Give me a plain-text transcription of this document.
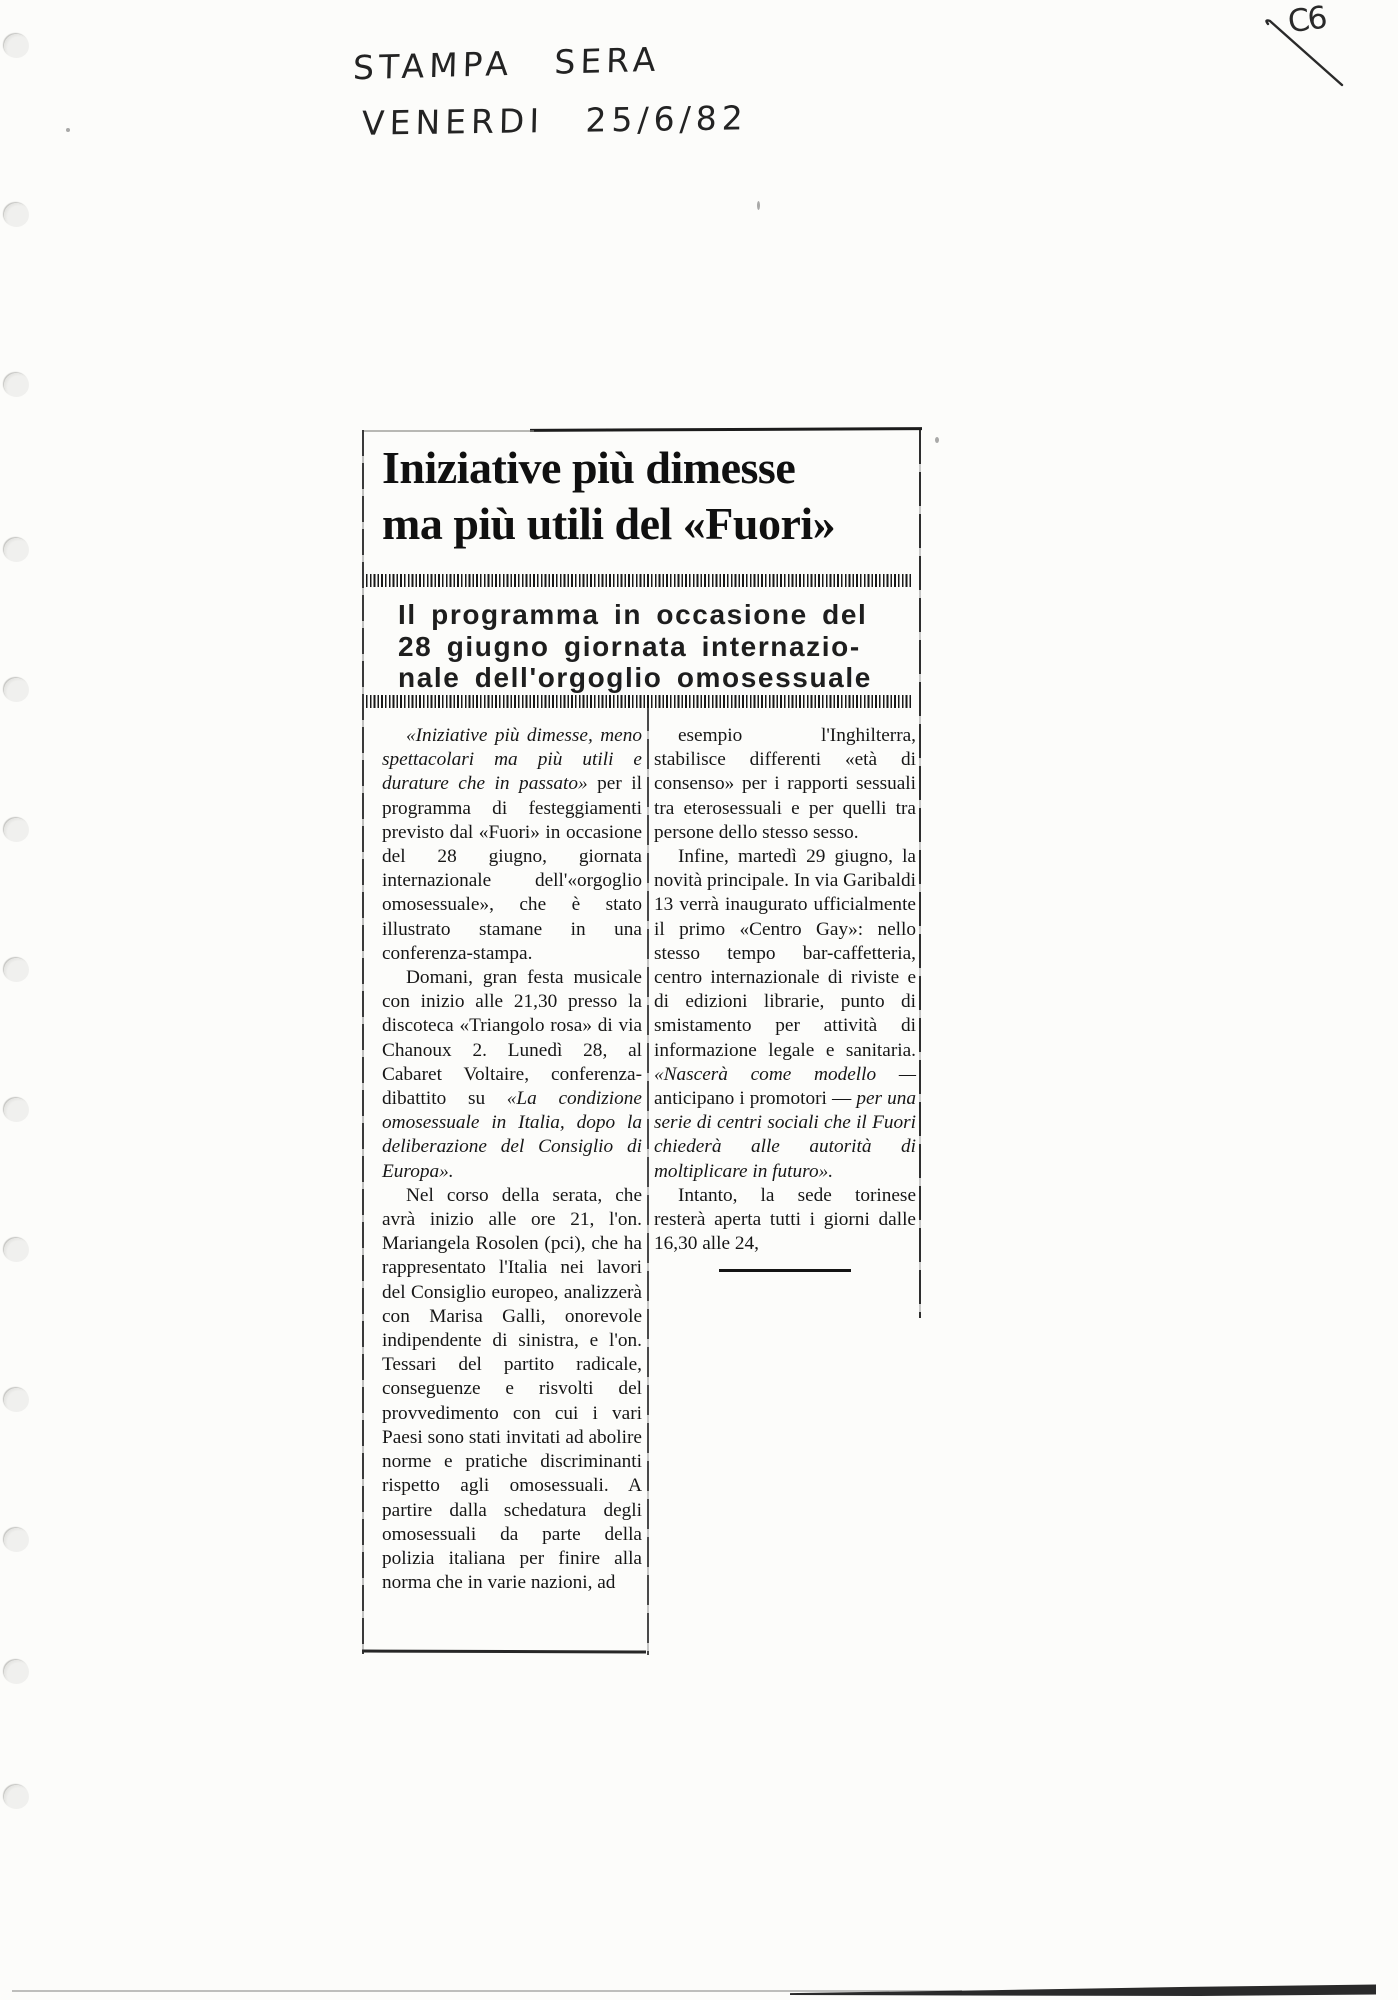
STAMPA SERA
VENERDI 25/6/82
C6
Iniziative più dimesse
ma più utili del «Fuori»
Il programma in occasione del
28 giugno giornata internazio-
nale dell'orgoglio omosessuale

«Iniziative più dimesse, meno spettacolari ma più utili e durature che in passato» per il programma di festeggiamenti previsto dal «Fuori» in occasione del 28 giugno, giornata internazionale dell'«orgoglio omosessuale», che è stato illustrato stamane in una conferenza-stampa.

Domani, gran festa musicale con inizio alle 21,30 presso la discoteca «Triangolo rosa» di via Chanoux 2. Lunedì 28, al Cabaret Voltaire, conferenza-dibattito su «La condizione omosessuale in Italia, dopo la deliberazione del Consiglio di Europa».

Nel corso della serata, che avrà inizio alle ore 21, l'on. Mariangela Rosolen (pci), che ha rappresentato l'Italia nei lavori del Consiglio europeo, analizzerà con Marisa Galli, onorevole indipendente di sinistra, e l'on. Tessari del partito radicale, conseguenze e risvolti del provvedimento con cui i vari Paesi sono stati invitati ad abolire norme e pratiche discriminanti rispetto agli omosessuali. A partire dalla schedatura degli omosessuali da parte della polizia italiana per finire alla norma che in varie nazioni, ad

esempio l'Inghilterra, stabilisce differenti «età di consenso» per i rapporti sessuali tra eterosessuali e per quelli tra persone dello stesso sesso.

Infine, martedì 29 giugno, la novità principale. In via Garibaldi 13 verrà inaugurato ufficialmente il primo «Centro Gay»: nello stesso tempo bar-caffetteria, centro internazionale di riviste e di edizioni librarie, punto di smistamento per attività di informazione legale e sanitaria. «Nascerà come modello — anticipano i promotori — per una serie di centri sociali che il Fuori chiederà alle autorità di moltiplicare in futuro».

Intanto, la sede torinese resterà aperta tutti i giorni dalle 16,30 alle 24,
